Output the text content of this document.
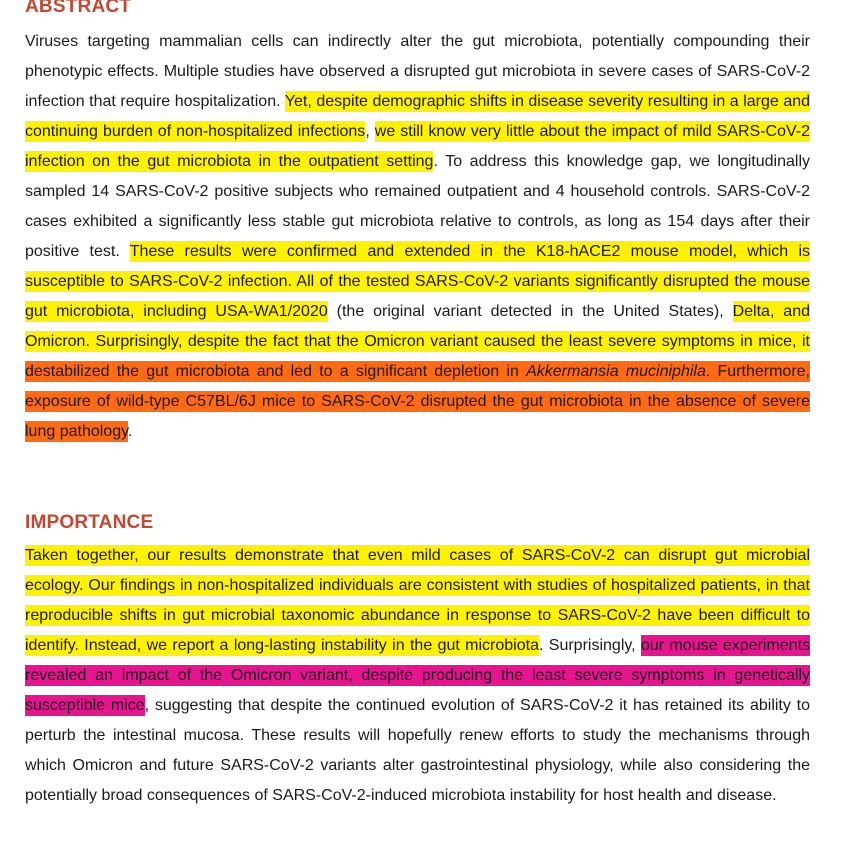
ABSTRACT

Viruses targeting mammalian cells can indirectly alter the gut microbiota, potentially compounding their phenotypic effects. Multiple studies have observed a disrupted gut microbiota in severe cases of SARS-CoV-2 infection that require hospitalization. Yet, despite demographic shifts in disease severity resulting in a large and continuing burden of non-hospitalized infections, we still know very little about the impact of mild SARS-CoV-2 infection on the gut microbiota in the outpatient setting. To address this knowledge gap, we longitudinally sampled 14 SARS-CoV-2 positive subjects who remained outpatient and 4 household controls. SARS-CoV-2 cases exhibited a significantly less stable gut microbiota relative to controls, as long as 154 days after their positive test. These results were confirmed and extended in the K18-hACE2 mouse model, which is susceptible to SARS-CoV-2 infection. All of the tested SARS-CoV-2 variants significantly disrupted the mouse gut microbiota, including USA-WA1/2020 (the original variant detected in the United States), Delta, and Omicron. Surprisingly, despite the fact that the Omicron variant caused the least severe symptoms in mice, it destabilized the gut microbiota and led to a significant depletion in Akkermansia muciniphila. Furthermore, exposure of wild-type C57BL/6J mice to SARS-CoV-2 disrupted the gut microbiota in the absence of severe lung pathology.

IMPORTANCE

Taken together, our results demonstrate that even mild cases of SARS-CoV-2 can disrupt gut microbial ecology. Our findings in non-hospitalized individuals are consistent with studies of hospitalized patients, in that reproducible shifts in gut microbial taxonomic abundance in response to SARS-CoV-2 have been difficult to identify. Instead, we report a long-lasting instability in the gut microbiota. Surprisingly, our mouse experiments revealed an impact of the Omicron variant, despite producing the least severe symptoms in genetically susceptible mice, suggesting that despite the continued evolution of SARS-CoV-2 it has retained its ability to perturb the intestinal mucosa. These results will hopefully renew efforts to study the mechanisms through which Omicron and future SARS-CoV-2 variants alter gastrointestinal physiology, while also considering the potentially broad consequences of SARS-CoV-2-induced microbiota instability for host health and disease.
